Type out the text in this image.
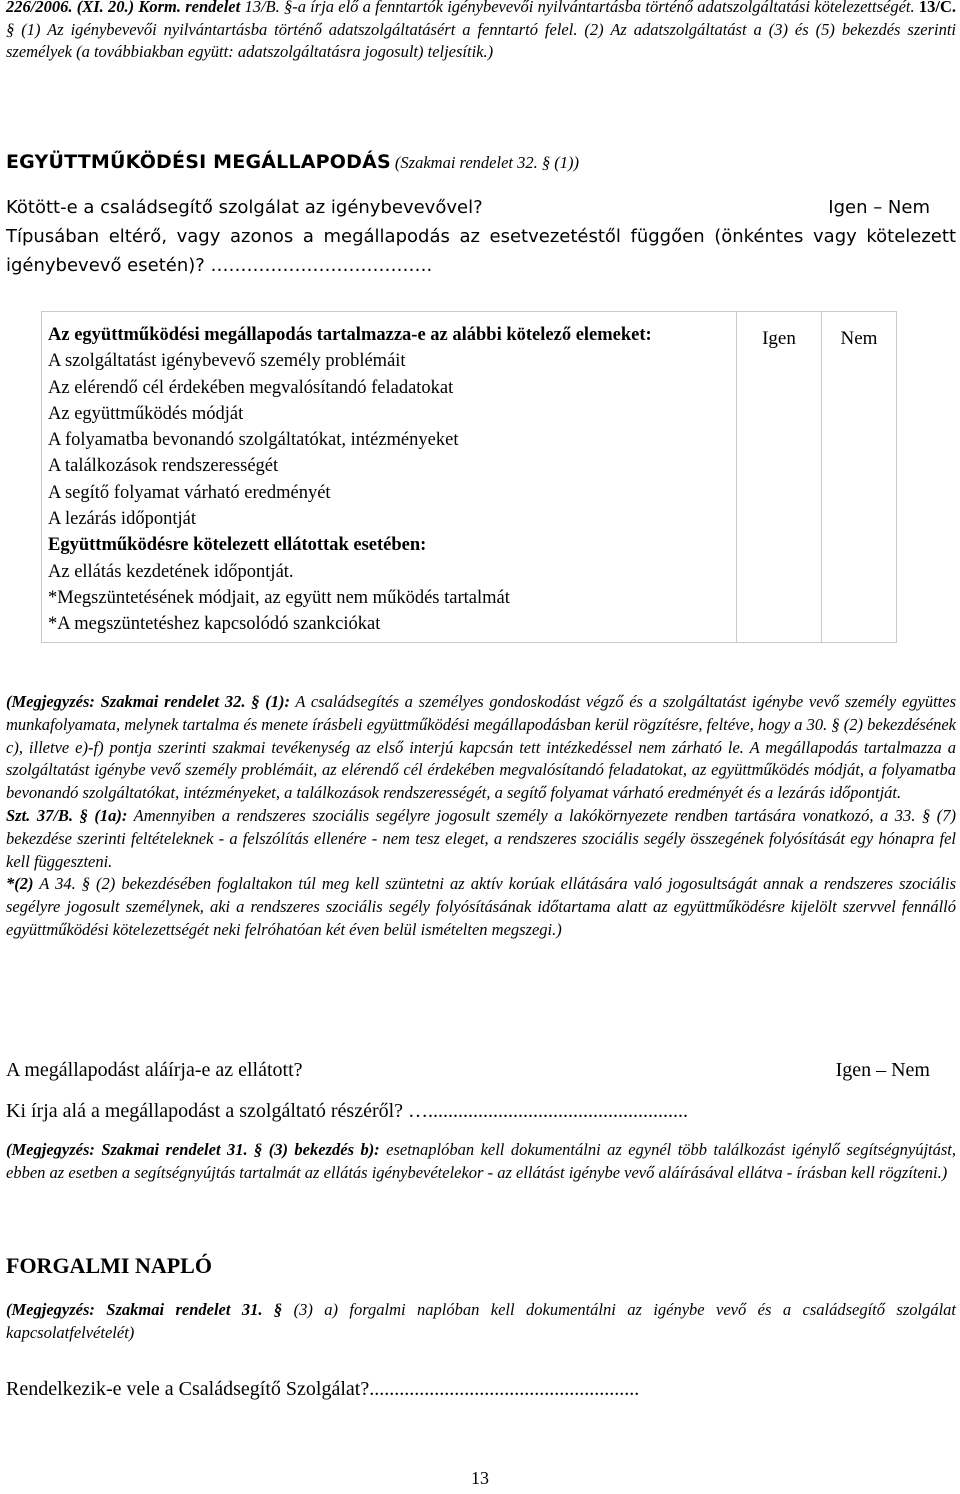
226/2006. (XI. 20.) Korm. rendelet 13/B. §-a írja elő a fenntartók igénybevevői nyilvántartásba történő adatszolgáltatási kötelezettségét. 13/C. § (1) Az igénybevevői nyilvántartásba történő adatszolgáltatásért a fenntartó felel. (2) Az adatszolgáltatást a (3) és (5) bekezdés szerinti személyek (a továbbiakban együtt: adatszolgáltatásra jogosult) teljesítik.)
EGYÜTTMŰKÖDÉSI MEGÁLLAPODÁS (Szakmai rendelet 32. § (1))
Kötött-e a családsegítő szolgálat az igénybevevővel?	Igen – Nem
Típusában eltérő, vagy azonos a megállapodás az esetvezetéstől függően (önkéntes vagy kötelezett igénybevevő esetén)? ……………………………….
Az együttműködési megállapodás tartalmazza-e az alábbi kötelező elemeket:
A szolgáltatást igénybevevő személy problémáit
Az elérendő cél érdekében megvalósítandó feladatokat
Az együttműködés módját
A folyamatba bevonandó szolgáltatókat, intézményeket
A találkozások rendszerességét
A segítő folyamat várható eredményét
A lezárás időpontját
Együttműködésre kötelezett ellátottak esetében:
Az ellátás kezdetének időpontját.
*Megszüntetésének módjait, az együtt nem működés tartalmát
*A megszüntetéshez kapcsolódó szankciókat
	Igen	Nem
(Megjegyzés: Szakmai rendelet 32. § (1): A családsegítés a személyes gondoskodást végző és a szolgáltatást igénybe vevő személy együttes munkafolyamata, melynek tartalma és menete írásbeli együttműködési megállapodásban kerül rögzítésre, feltéve, hogy a 30. § (2) bekezdésének c), illetve e)-f) pontja szerinti szakmai tevékenység az első interjú kapcsán tett intézkedéssel nem zárható le. A megállapodás tartalmazza a szolgáltatást igénybe vevő személy problémáit, az elérendő cél érdekében megvalósítandó feladatokat, az együttműködés módját, a folyamatba bevonandó szolgáltatókat, intézményeket, a találkozások rendszerességét, a segítő folyamat várható eredményét és a lezárás időpontját.
Szt. 37/B. § (1a): Amennyiben a rendszeres szociális segélyre jogosult személy a lakókörnyezete rendben tartására vonatkozó, a 33. § (7) bekezdése szerinti feltételeknek - a felszólítás ellenére - nem tesz eleget, a rendszeres szociális segély összegének folyósítását egy hónapra fel kell függeszteni.
*(2) A 34. § (2) bekezdésében foglaltakon túl meg kell szüntetni az aktív korúak ellátására való jogosultságát annak a rendszeres szociális segélyre jogosult személynek, aki a rendszeres szociális segély folyósításának időtartama alatt az együttműködésre kijelölt szervvel fennálló együttműködési kötelezettségét neki felróhatóan két éven belül ismételten megszegi.)
A megállapodást aláírja-e az ellátott?	Igen – Nem
Ki írja alá a megállapodást a szolgáltató részéről? …....................................................
(Megjegyzés: Szakmai rendelet 31. § (3) bekezdés b): esetnaplóban kell dokumentálni az egynél több találkozást igénylő segítségnyújtást, ebben az esetben a segítségnyújtás tartalmát az ellátás igénybevételekor - az ellátást igénybe vevő aláírásával ellátva - írásban kell rögzíteni.)
FORGALMI NAPLÓ
(Megjegyzés: Szakmai rendelet 31. § (3) a) forgalmi naplóban kell dokumentálni az igénybe vevő és a családsegítő szolgálat kapcsolatfelvételét)
Rendelkezik-e vele a Családsegítő Szolgálat?......................................................
13
